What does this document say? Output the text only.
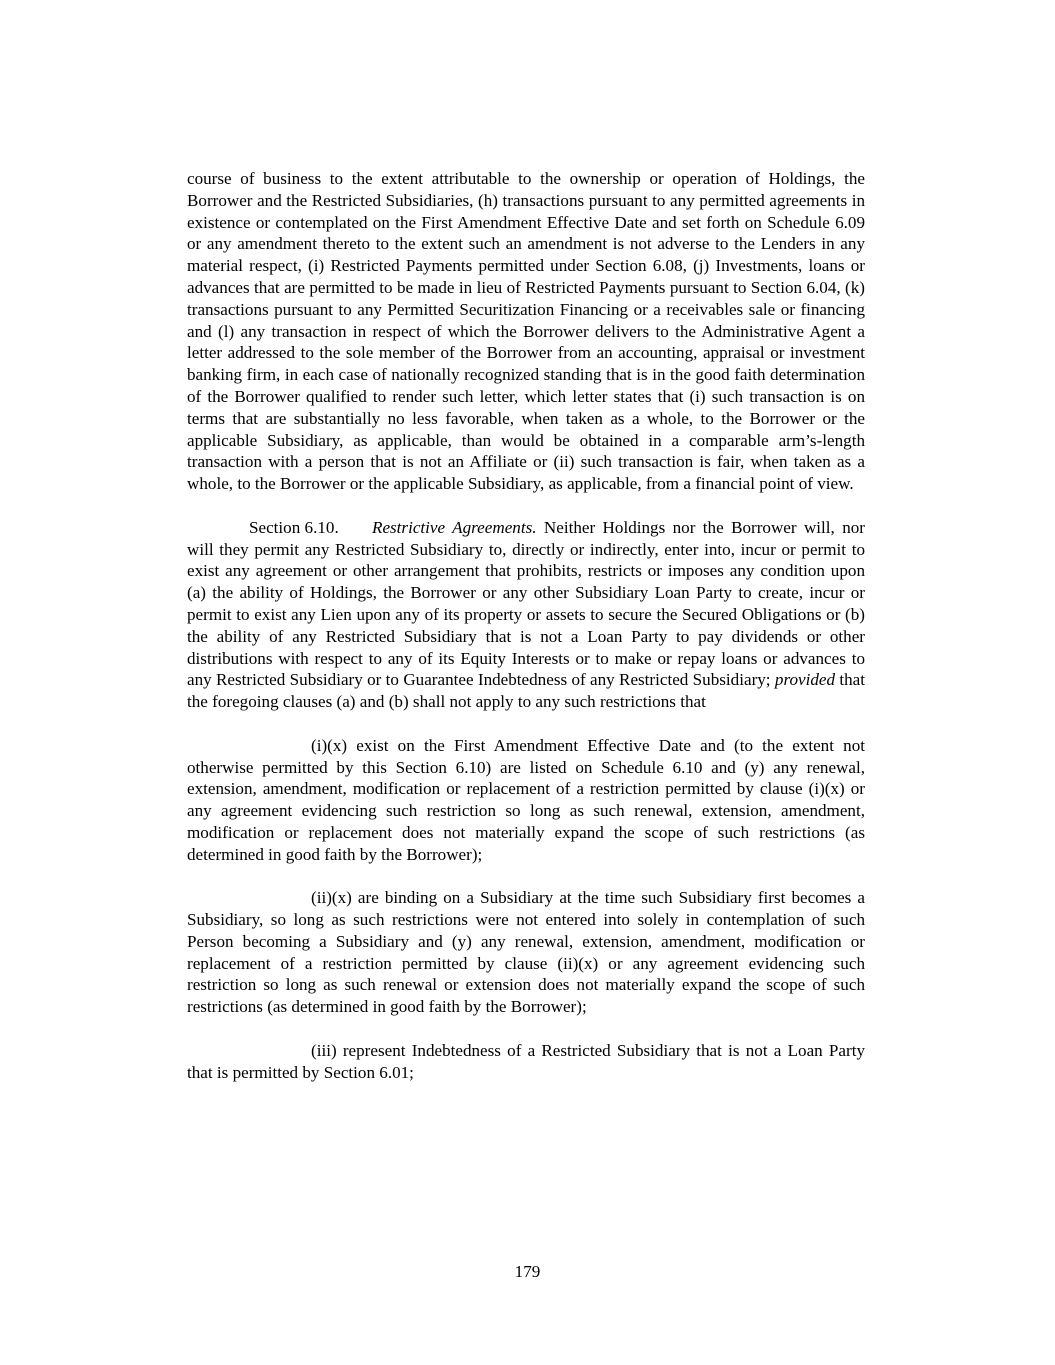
course of business to the extent attributable to the ownership or operation of Holdings, the Borrower and the Restricted Subsidiaries, (h) transactions pursuant to any permitted agreements in existence or contemplated on the First Amendment Effective Date and set forth on Schedule 6.09 or any amendment thereto to the extent such an amendment is not adverse to the Lenders in any material respect, (i) Restricted Payments permitted under Section 6.08, (j) Investments, loans or advances that are permitted to be made in lieu of Restricted Payments pursuant to Section 6.04, (k) transactions pursuant to any Permitted Securitization Financing or a receivables sale or financing and (l) any transaction in respect of which the Borrower delivers to the Administrative Agent a letter addressed to the sole member of the Borrower from an accounting, appraisal or investment banking firm, in each case of nationally recognized standing that is in the good faith determination of the Borrower qualified to render such letter, which letter states that (i) such transaction is on terms that are substantially no less favorable, when taken as a whole, to the Borrower or the applicable Subsidiary, as applicable, than would be obtained in a comparable arm’s-length transaction with a person that is not an Affiliate or (ii) such transaction is fair, when taken as a whole, to the Borrower or the applicable Subsidiary, as applicable, from a financial point of view.

Section 6.10. Restrictive Agreements. Neither Holdings nor the Borrower will, nor will they permit any Restricted Subsidiary to, directly or indirectly, enter into, incur or permit to exist any agreement or other arrangement that prohibits, restricts or imposes any condition upon (a) the ability of Holdings, the Borrower or any other Subsidiary Loan Party to create, incur or permit to exist any Lien upon any of its property or assets to secure the Secured Obligations or (b) the ability of any Restricted Subsidiary that is not a Loan Party to pay dividends or other distributions with respect to any of its Equity Interests or to make or repay loans or advances to any Restricted Subsidiary or to Guarantee Indebtedness of any Restricted Subsidiary; provided that the foregoing clauses (a) and (b) shall not apply to any such restrictions that

(i)(x) exist on the First Amendment Effective Date and (to the extent not otherwise permitted by this Section 6.10) are listed on Schedule 6.10 and (y) any renewal, extension, amendment, modification or replacement of a restriction permitted by clause (i)(x) or any agreement evidencing such restriction so long as such renewal, extension, amendment, modification or replacement does not materially expand the scope of such restrictions (as determined in good faith by the Borrower);

(ii)(x) are binding on a Subsidiary at the time such Subsidiary first becomes a Subsidiary, so long as such restrictions were not entered into solely in contemplation of such Person becoming a Subsidiary and (y) any renewal, extension, amendment, modification or replacement of a restriction permitted by clause (ii)(x) or any agreement evidencing such restriction so long as such renewal or extension does not materially expand the scope of such restrictions (as determined in good faith by the Borrower);

(iii) represent Indebtedness of a Restricted Subsidiary that is not a Loan Party that is permitted by Section 6.01;

179
